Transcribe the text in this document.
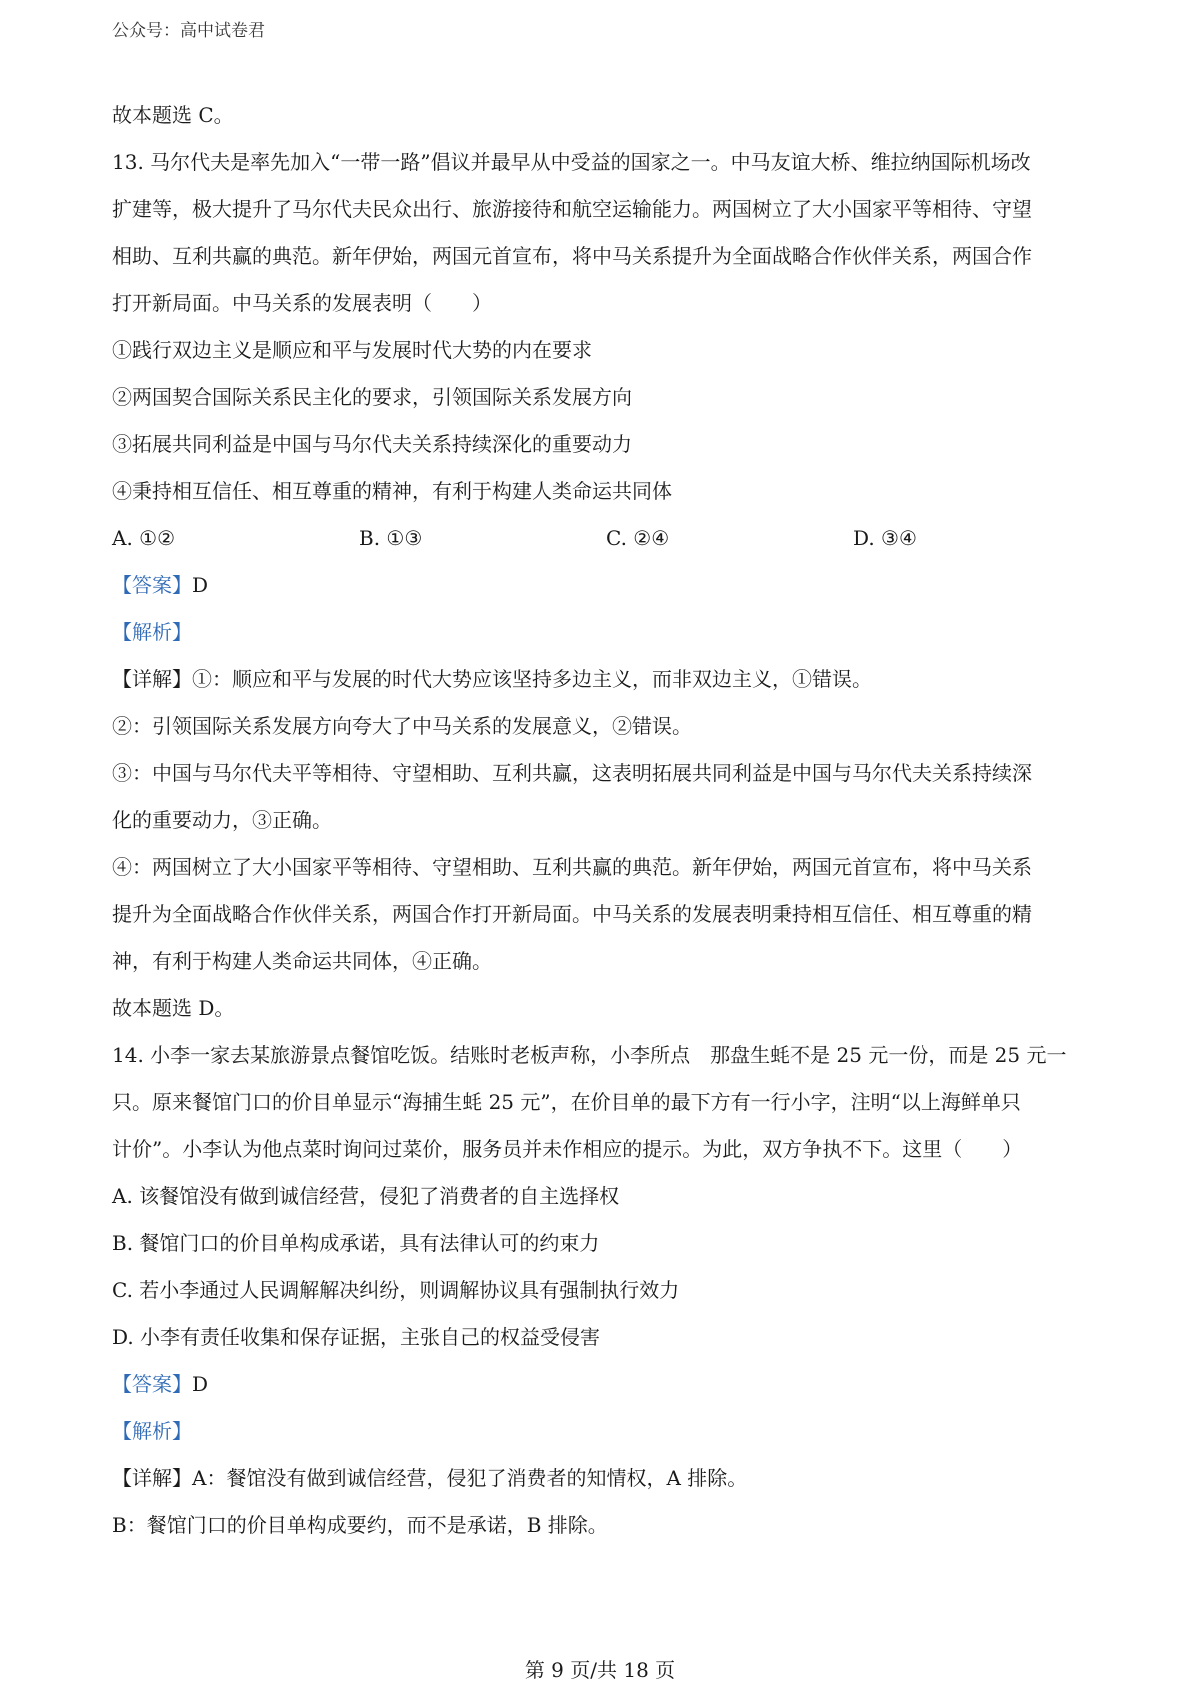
公众号：高中试卷君

故本题选 C。

13. 马尔代夫是率先加入“一带一路”倡议并最早从中受益的国家之一。中马友谊大桥、维拉纳国际机场改

扩建等，极大提升了马尔代夫民众出行、旅游接待和航空运输能力。两国树立了大小国家平等相待、守望

相助、互利共赢的典范。新年伊始，两国元首宣布，将中马关系提升为全面战略合作伙伴关系，两国合作

打开新局面。中马关系的发展表明（　　）

①践行双边主义是顺应和平与发展时代大势的内在要求

②两国契合国际关系民主化的要求，引领国际关系发展方向

③拓展共同利益是中国与马尔代夫关系持续深化的重要动力

④秉持相互信任、相互尊重的精神，有利于构建人类命运共同体

A. ①②	B. ①③	C. ②④	D. ③④

【答案】D

【解析】

【详解】①：顺应和平与发展的时代大势应该坚持多边主义，而非双边主义，①错误。

②：引领国际关系发展方向夸大了中马关系的发展意义，②错误。

③：中国与马尔代夫平等相待、守望相助、互利共赢，这表明拓展共同利益是中国与马尔代夫关系持续深

化的重要动力，③正确。

④：两国树立了大小国家平等相待、守望相助、互利共赢的典范。新年伊始，两国元首宣布，将中马关系

提升为全面战略合作伙伴关系，两国合作打开新局面。中马关系的发展表明秉持相互信任、相互尊重的精

神，有利于构建人类命运共同体，④正确。

故本题选 D。

14. 小李一家去某旅游景点餐馆吃饭。结账时老板声称，小李所点　那盘生蚝不是 25 元一份，而是 25 元一

只。原来餐馆门口的价目单显示“海捕生蚝 25 元”，在价目单的最下方有一行小字，注明“以上海鲜单只

计价”。小李认为他点菜时询问过菜价，服务员并未作相应的提示。为此，双方争执不下。这里（　　）

A. 该餐馆没有做到诚信经营，侵犯了消费者的自主选择权

B. 餐馆门口的价目单构成承诺，具有法律认可的约束力

C. 若小李通过人民调解解决纠纷，则调解协议具有强制执行效力

D. 小李有责任收集和保存证据，主张自己的权益受侵害

【答案】D

【解析】

【详解】A：餐馆没有做到诚信经营，侵犯了消费者的知情权，A 排除。

B：餐馆门口的价目单构成要约，而不是承诺，B 排除。

第 9 页/共 18 页
